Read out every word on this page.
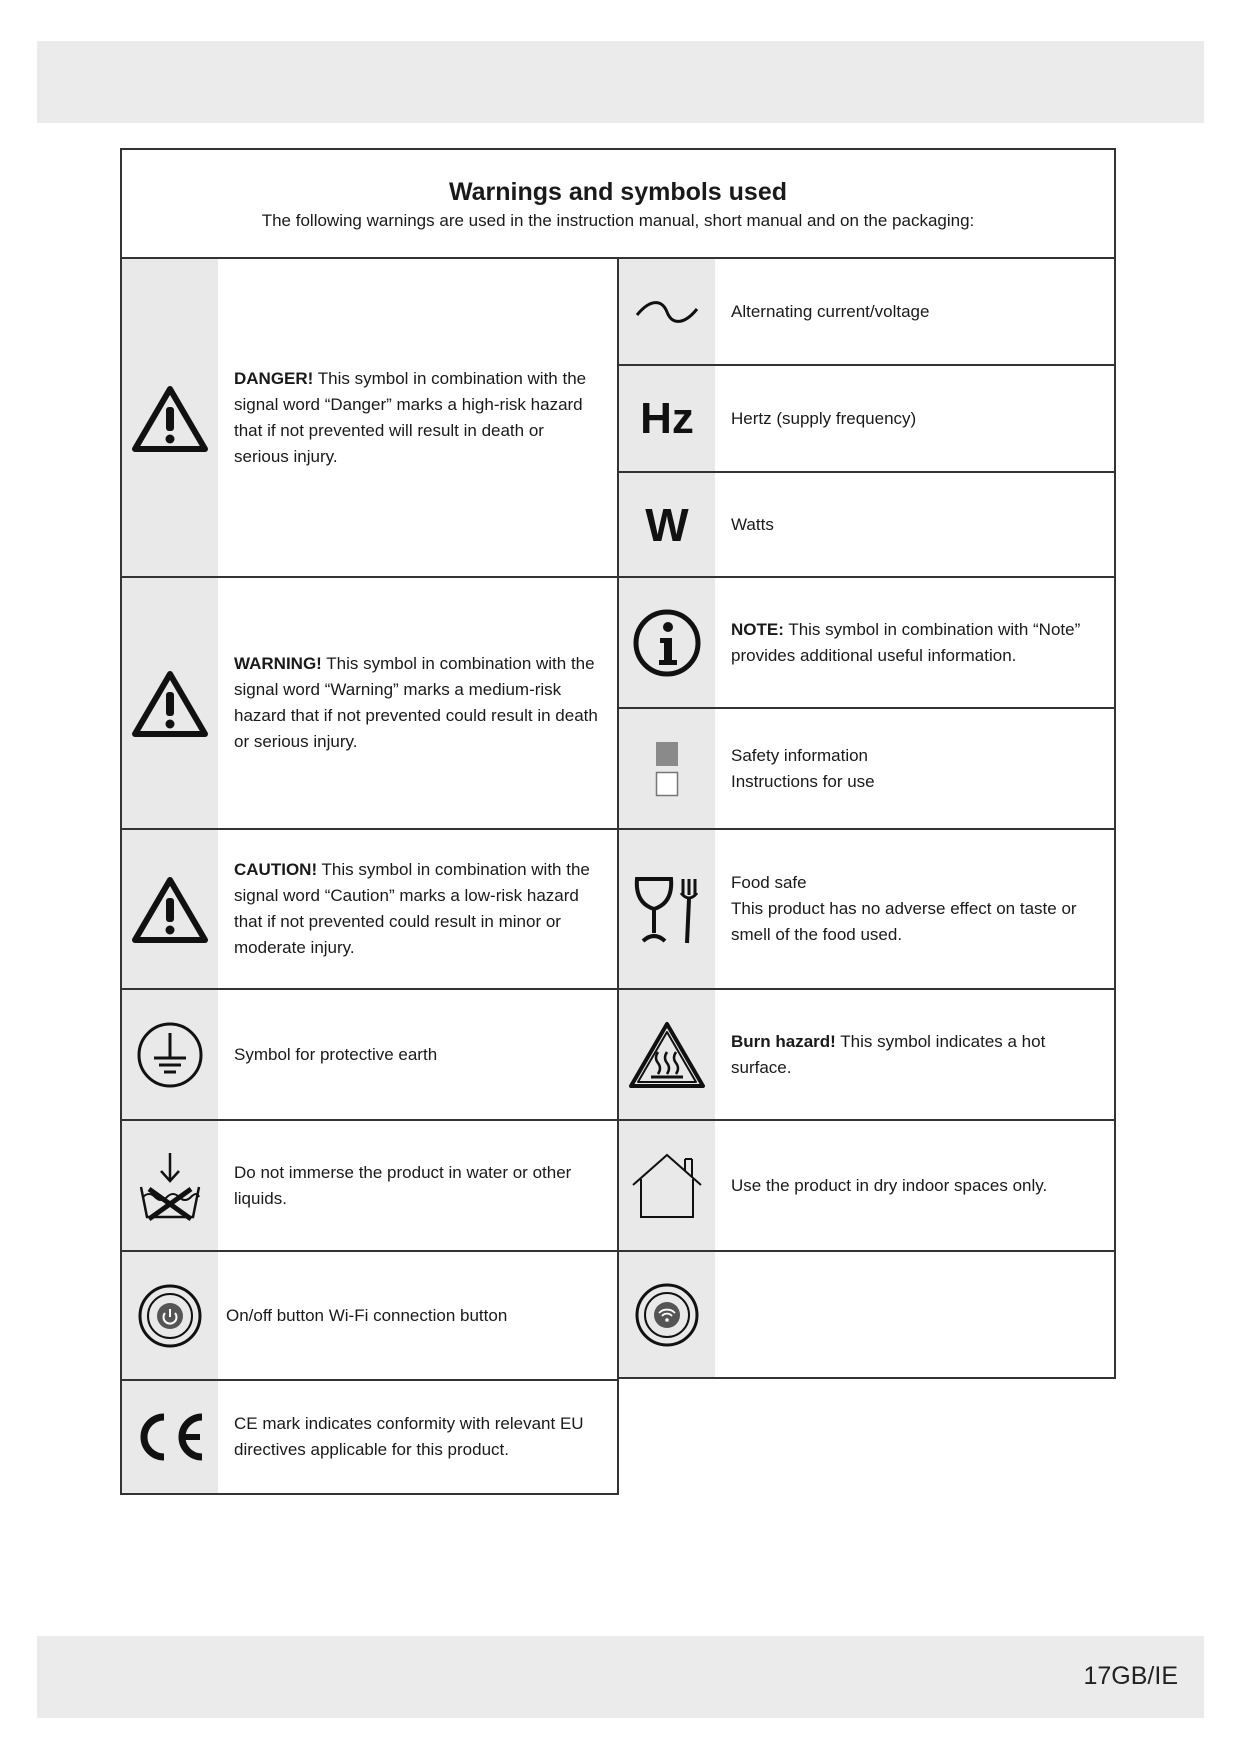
Warnings and symbols used

The following warnings are used in the instruction manual, short manual and on the packaging:

DANGER! This symbol in combination with the signal word “Danger” marks a high-risk hazard that if not prevented will result in death or serious injury.
WARNING! This symbol in combination with the signal word “Warning” marks a medium-risk hazard that if not prevented could result in death or serious injury.
CAUTION! This symbol in combination with the signal word “Caution” marks a low-risk hazard that if not prevented could result in minor or moderate injury.
Symbol for protective earth
Do not immerse the product in water or other liquids.
On/off button Wi-Fi connection button
CE mark indicates conformity with relevant EU directives applicable for this product.
Alternating current/voltage
Hz Hertz (supply frequency)
W Watts
NOTE: This symbol in combination with “Note” provides additional useful information.
Safety information
Instructions for use
Food safe
This product has no adverse effect on taste or smell of the food used.
Burn hazard! This symbol indicates a hot surface.
Use the product in dry indoor spaces only.
17GB/IE
